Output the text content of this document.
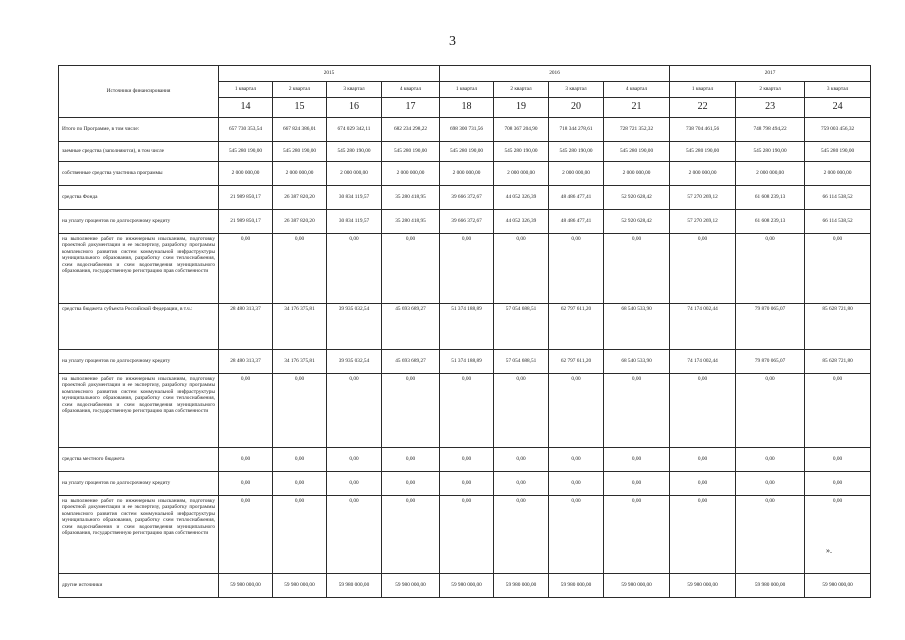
3
Источники финансирования	2015				2016				2017		
	1 квартал	2 квартал	3 квартал	4 квартал	1 квартал	2 квартал	3 квартал	4 квартал	1 квартал	2 квартал	3 квартал
	14	15	16	17	18	19	20	21	22	23	24
Итого по Программе, в том числе:	657 730 353,54	667 824 386,01	674 029 342,11	682 234 298,22	698 300 731,56	708 367 204,90	718 344 278,61	728 721 352,32	738 704 461,56	748 798 494,22	759 003 456,32
заемные средства (заполняются), в том числе	545 280 190,00	545 280 190,00	545 280 190,00	545 280 190,00	545 280 190,00	545 280 190,00	545 280 190,00	545 280 190,00	545 280 190,00	545 280 190,00	545 280 190,00
собственные средства участника программы	2 000 000,00	2 000 000,00	2 000 000,00	2 000 000,00	2 000 000,00	2 000 000,00	2 000 000,00	2 000 000,00	2 000 000,00	2 000 000,00	2 000 000,00
средства Фонда	21 989 850,17	26 387 820,20	30 834 119,57	35 280 418,95	39 666 372,67	44 052 326,39	48 486 477,41	52 920 628,42	57 270 269,12	61 608 239,13	66 114 538,52
на уплату процентов по долгосрочному кредиту	21 989 850,17	26 387 820,20	30 834 119,57	35 280 418,95	39 666 372,67	44 052 326,39	48 486 477,41	52 920 628,42	57 270 269,12	61 608 239,13	66 114 538,52
на выполнение работ по инженерным изысканиям, подготовку проектной документации и ее экспертизу, разработку программы комплексного развития систем коммунальной инфраструктуры муниципального образования, разработку схем теплоснабжения, схем водоснабжения и схем водоотведения муниципального образования, государственную регистрацию прав собственности	0,00	0,00	0,00	0,00	0,00	0,00	0,00	0,00	0,00	0,00	0,00
средства бюджета субъекта Российской Федерации, в т.ч.:	28 480 313,37	34 176 375,81	39 935 032,54	45 693 689,27	51 374 188,89	57 054 688,51	62 797 611,20	68 540 533,90	74 174 002,44	79 870 065,07	85 628 721,80
на уплату процентов по долгосрочному кредиту	28 480 313,37	34 176 375,81	39 935 032,54	45 693 689,27	51 374 188,89	57 054 688,51	62 797 611,20	68 540 533,90	74 174 002,44	79 870 065,07	85 628 721,80
на выполнение работ по инженерным изысканиям, подготовку проектной документации и ее экспертизу, разработку программы комплексного развития систем коммунальной инфраструктуры муниципального образования, разработку схем теплоснабжения, схем водоснабжения и схем водоотведения муниципального образования, государственную регистрацию прав собственности	0,00	0,00	0,00	0,00	0,00	0,00	0,00	0,00	0,00	0,00	0,00
средства местного бюджета	0,00	0,00	0,00	0,00	0,00	0,00	0,00	0,00	0,00	0,00	0,00
на уплату процентов по долгосрочному кредиту	0,00	0,00	0,00	0,00	0,00	0,00	0,00	0,00	0,00	0,00	0,00
на выполнение работ по инженерным изысканиям, подготовку проектной документации и ее экспертизу, разработку программы комплексного развития систем коммунальной инфраструктуры муниципального образования, разработку схем теплоснабжения, схем водоснабжения и схем водоотведения муниципального образования, государственную регистрацию прав собственности	0,00	0,00	0,00	0,00	0,00	0,00	0,00	0,00	0,00	0,00	0,00
другие источники	59 980 000,00	59 980 000,00	59 980 000,00	59 980 000,00	59 980 000,00	59 980 000,00	59 980 000,00	59 980 000,00	59 980 000,00	59 980 000,00	59 980 000,00
».
